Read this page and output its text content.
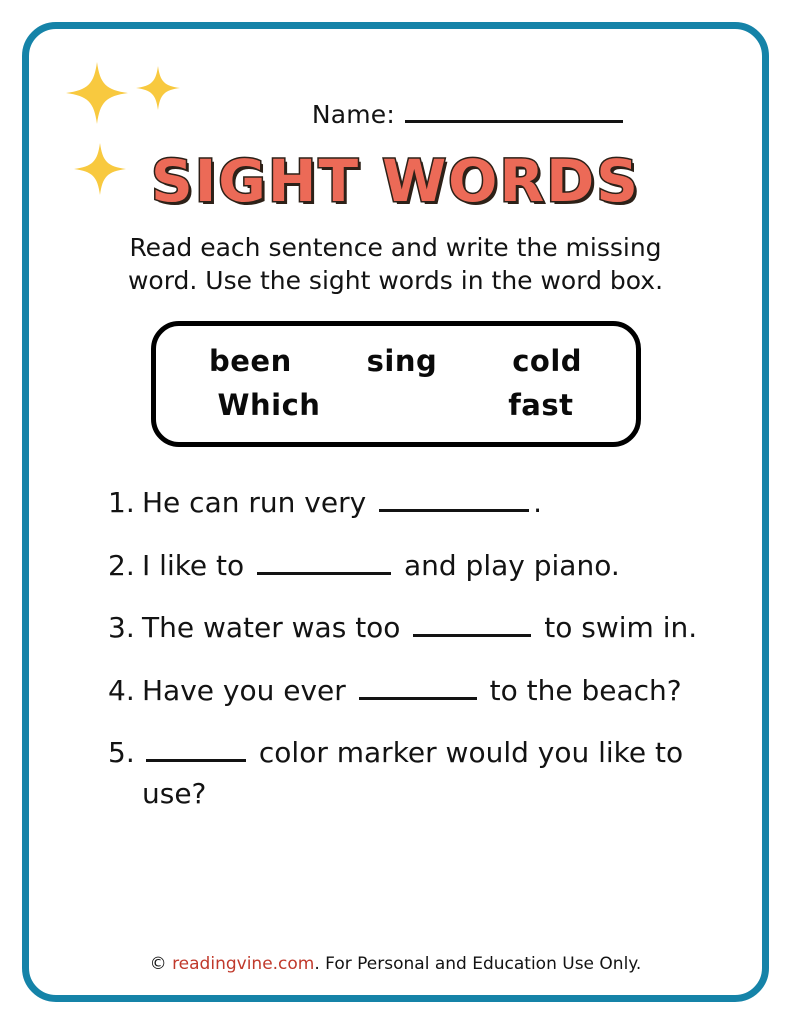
Name:
SIGHT WORDS
Read each sentence and write the missing word. Use the sight words in the word box.
been	sing	cold
Which	fast
1. He can run very	.
2. I like to	and play piano.
3. The water was too	to swim in.
4. Have you ever	to the beach?
5.	color marker would you like to use?
© readingvine.com. For Personal and Education Use Only.
